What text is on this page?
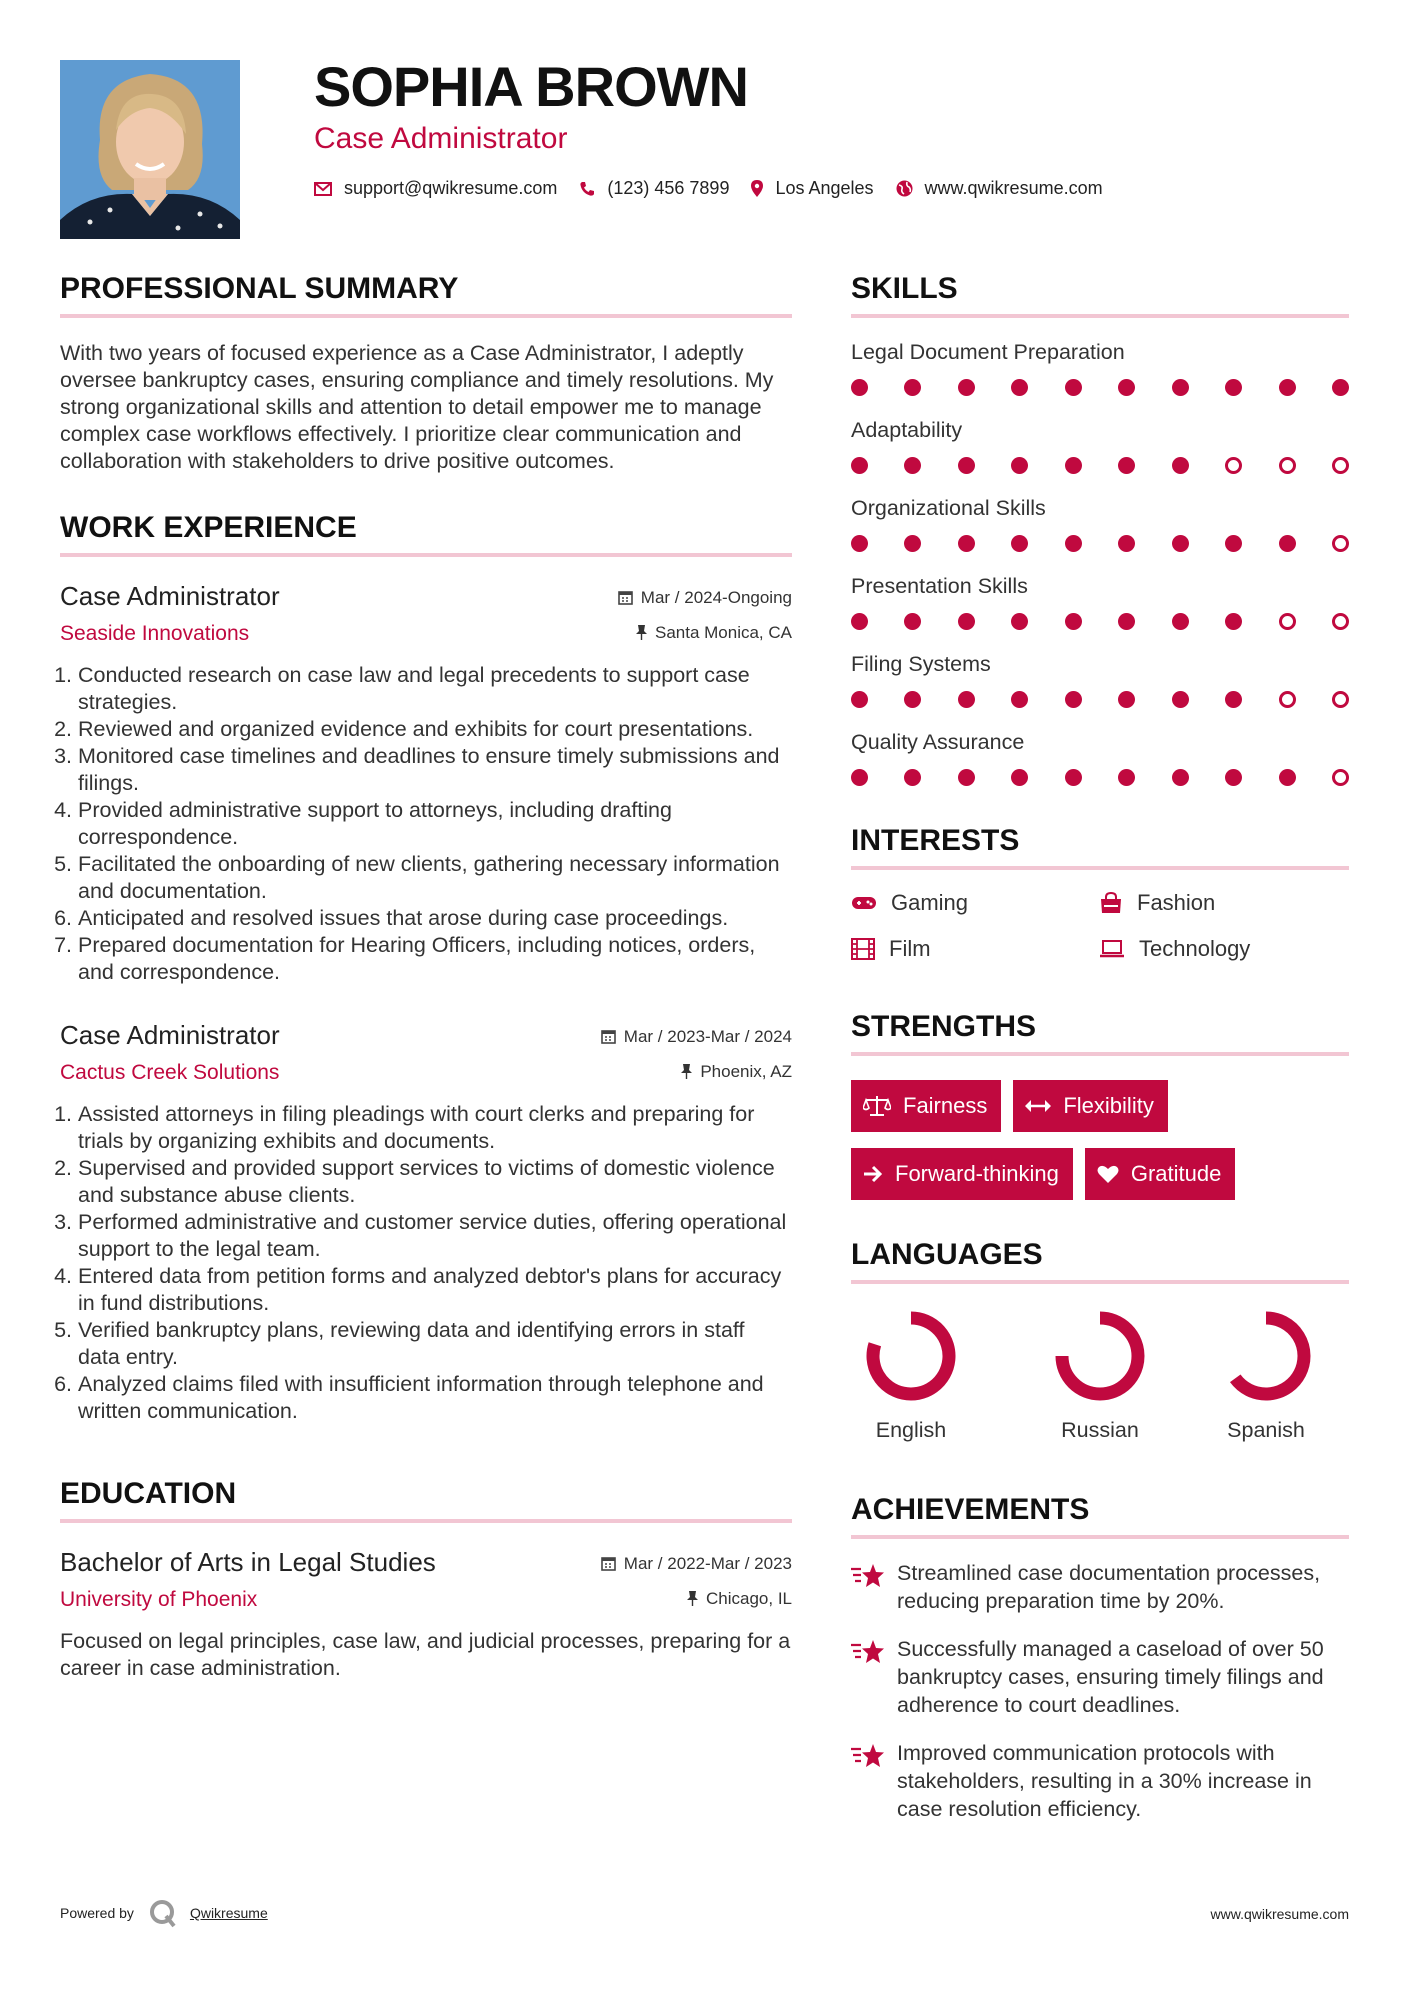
SOPHIA BROWN
Case Administrator
support@qwikresume.com	(123) 456 7899	Los Angeles	www.qwikresume.com
PROFESSIONAL SUMMARY

With two years of focused experience as a Case Administrator, I adeptly oversee bankruptcy cases, ensuring compliance and timely resolutions. My strong organizational skills and attention to detail empower me to manage complex case workflows effectively. I prioritize clear communication and collaboration with stakeholders to drive positive outcomes.

WORK EXPERIENCE
Case Administrator	Mar / 2024-Ongoing
Seaside Innovations	Santa Monica, CA
1. Conducted research on case law and legal precedents to support case strategies.
2. Reviewed and organized evidence and exhibits for court presentations.
3. Monitored case timelines and deadlines to ensure timely submissions and filings.
4. Provided administrative support to attorneys, including drafting correspondence.
5. Facilitated the onboarding of new clients, gathering necessary information and documentation.
6. Anticipated and resolved issues that arose during case proceedings.
7. Prepared documentation for Hearing Officers, including notices, orders, and correspondence.
Case Administrator	Mar / 2023-Mar / 2024
Cactus Creek Solutions	Phoenix, AZ
1. Assisted attorneys in filing pleadings with court clerks and preparing for trials by organizing exhibits and documents.
2. Supervised and provided support services to victims of domestic violence and substance abuse clients.
3. Performed administrative and customer service duties, offering operational support to the legal team.
4. Entered data from petition forms and analyzed debtor's plans for accuracy in fund distributions.
5. Verified bankruptcy plans, reviewing data and identifying errors in staff data entry.
6. Analyzed claims filed with insufficient information through telephone and written communication.
EDUCATION
Bachelor of Arts in Legal Studies	Mar / 2022-Mar / 2023
University of Phoenix	Chicago, IL

Focused on legal principles, case law, and judicial processes, preparing for a career in case administration.

SKILLS
Legal Document Preparation
Adaptability
Organizational Skills
Presentation Skills
Filing Systems
Quality Assurance
INTERESTS
Gaming	Fashion
Film	Technology
STRENGTHS
Fairness	Flexibility
Forward-thinking	Gratitude
LANGUAGES
English	Russian	Spanish
ACHIEVEMENTS
Streamlined case documentation processes, reducing preparation time by 20%.
Successfully managed a caseload of over 50 bankruptcy cases, ensuring timely filings and adherence to court deadlines.
Improved communication protocols with stakeholders, resulting in a 30% increase in case resolution efficiency.
Powered by	Qwikresume	www.qwikresume.com
